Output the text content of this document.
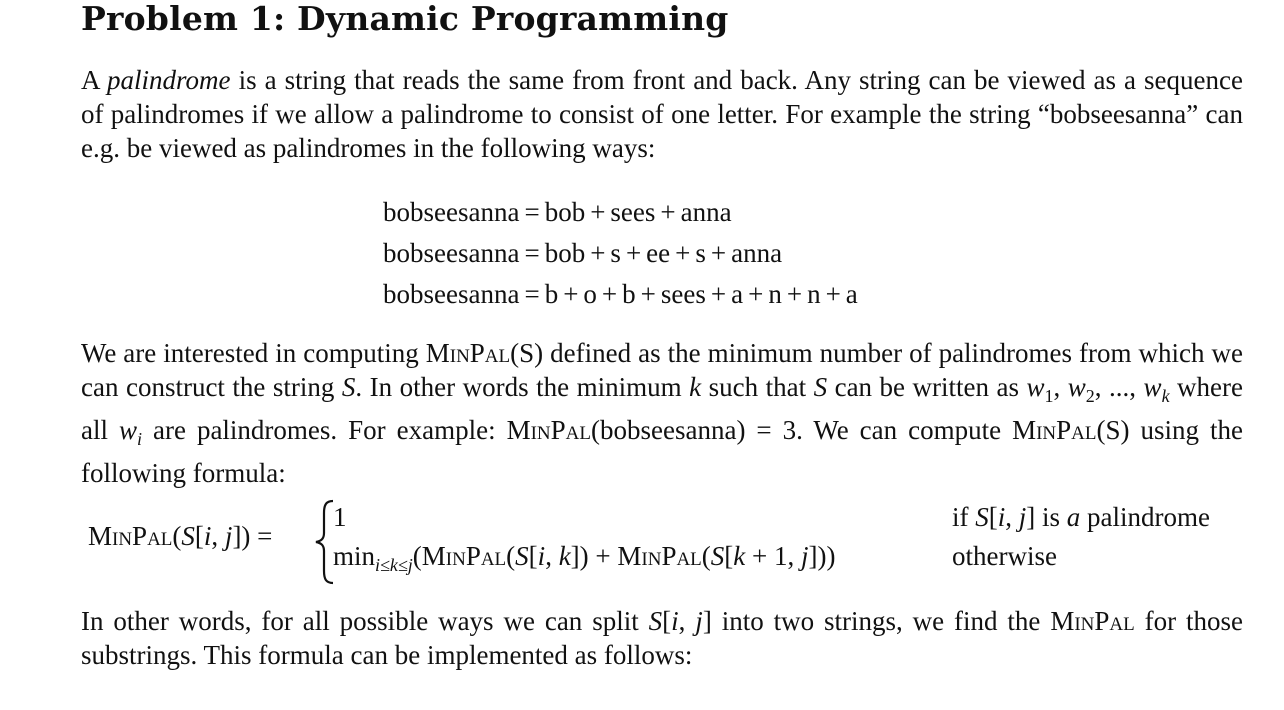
Problem 1: Dynamic Programming

A palindrome is a string that reads the same from front and back. Any string can be viewed as a sequence of palindromes if we allow a palindrome to consist of one letter. For example the string “bobseesanna” can e.g. be viewed as palindromes in the following ways:

bobseesanna = bob + sees + anna
bobseesanna = bob + s + ee + s + anna
bobseesanna = b + o + b + sees + a + n + n + a

We are interested in computing MinPal(S) defined as the minimum number of palindromes from which we can construct the string S. In other words the minimum k such that S can be written as $w_1$, $w_2$, ..., $w_k$ where all $w_i$ are palindromes. For example: MinPal(bobseesanna) = 3. We can compute MinPal(S) using the following formula:

MinPal(S[i, j]) =
1
$\min_{i\le k\le j}(MinPal(S[i$, k]) + MinPal(S[k + 1, j]))
if S[i, j] is a palindrome
otherwise

In other words, for all possible ways we can split S[i, j] into two strings, we find the MinPal for those substrings. This formula can be implemented as follows:
